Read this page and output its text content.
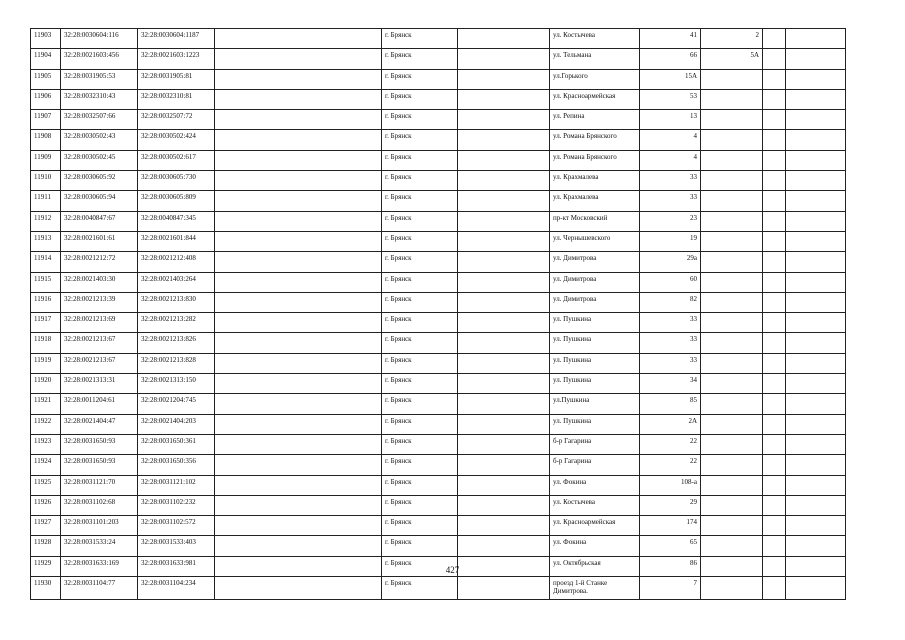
11903	32:28:0030604:116	32:28:0030604:1187		г. Брянск		ул. Костычева	41	2		
11904	32:28:0021603:456	32:28:0021603:1223		г. Брянск		ул. Тельмана	66	5А		
11905	32:28:0031905:53	32:28:0031905:81		г. Брянск		ул.Горького	15А			
11906	32:28:0032310:43	32:28:0032310:81		г. Брянск		ул. Красноармейская	53			
11907	32:28:0032507:66	32:28:0032507:72		г. Брянск		ул. Репина	13			
11908	32:28:0030502:43	32:28:0030502:424		г. Брянск		ул. Романа Брянского	4			
11909	32:28:0030502:45	32:28:0030502:617		г. Брянск		ул. Романа Брянского	4			
11910	32:28:0030605:92	32:28:0030605:730		г. Брянск		ул. Крахмалева	33			
11911	32:28:0030605:94	32:28:0030605:809		г. Брянск		ул. Крахмалева	33			
11912	32:28:0040847:67	32:28:0040847:345		г. Брянск		пр-кт Московский	23			
11913	32:28:0021601:61	32:28:0021601:844		г. Брянск		ул. Чернышевского	19			
11914	32:28:0021212:72	32:28:0021212:408		г. Брянск		ул. Димитрова	29а			
11915	32:28:0021403:30	32:28:0021403:264		г. Брянск		ул. Димитрова	60			
11916	32:28:0021213:39	32:28:0021213:830		г. Брянск		ул. Димитрова	82			
11917	32:28:0021213:69	32:28:0021213:282		г. Брянск		ул. Пушкина	33			
11918	32:28:0021213:67	32:28:0021213:826		г. Брянск		ул. Пушкина	33			
11919	32:28:0021213:67	32:28:0021213:828		г. Брянск		ул. Пушкина	33			
11920	32:28:0021313:31	32:28:0021313:150		г. Брянск		ул. Пушкина	34			
11921	32:28:0011204:61	32:28:0021204:745		г. Брянск		ул.Пушкина	85			
11922	32:28:0021404:47	32:28:0021404:203		г. Брянск		ул. Пушкина	2А			
11923	32:28:0031650:93	32:28:0031650:361		г. Брянск		б-р Гагарина	22			
11924	32:28:0031650:93	32:28:0031650:356		г. Брянск		б-р Гагарина	22			
11925	32:28:0031121:70	32:28:0031121:102		г. Брянск		ул. Фокина	108-а			
11926	32:28:0031102:68	32:28:0031102:232		г. Брянск		ул. Костычева	29			
11927	32:28:0031101:203	32:28:0031102:572		г. Брянск		ул. Красноармейская	174			
11928	32:28:0031533:24	32:28:0031533:403		г. Брянск		ул. Фокина	65			
11929	32:28:0031633:169	32:28:0031633:981		г. Брянск		ул. Октябрьская	86			
11930	32:28:0031104:77	32:28:0031104:234		г. Брянск		проезд 1-й Станке Димитрова.	7			
427
